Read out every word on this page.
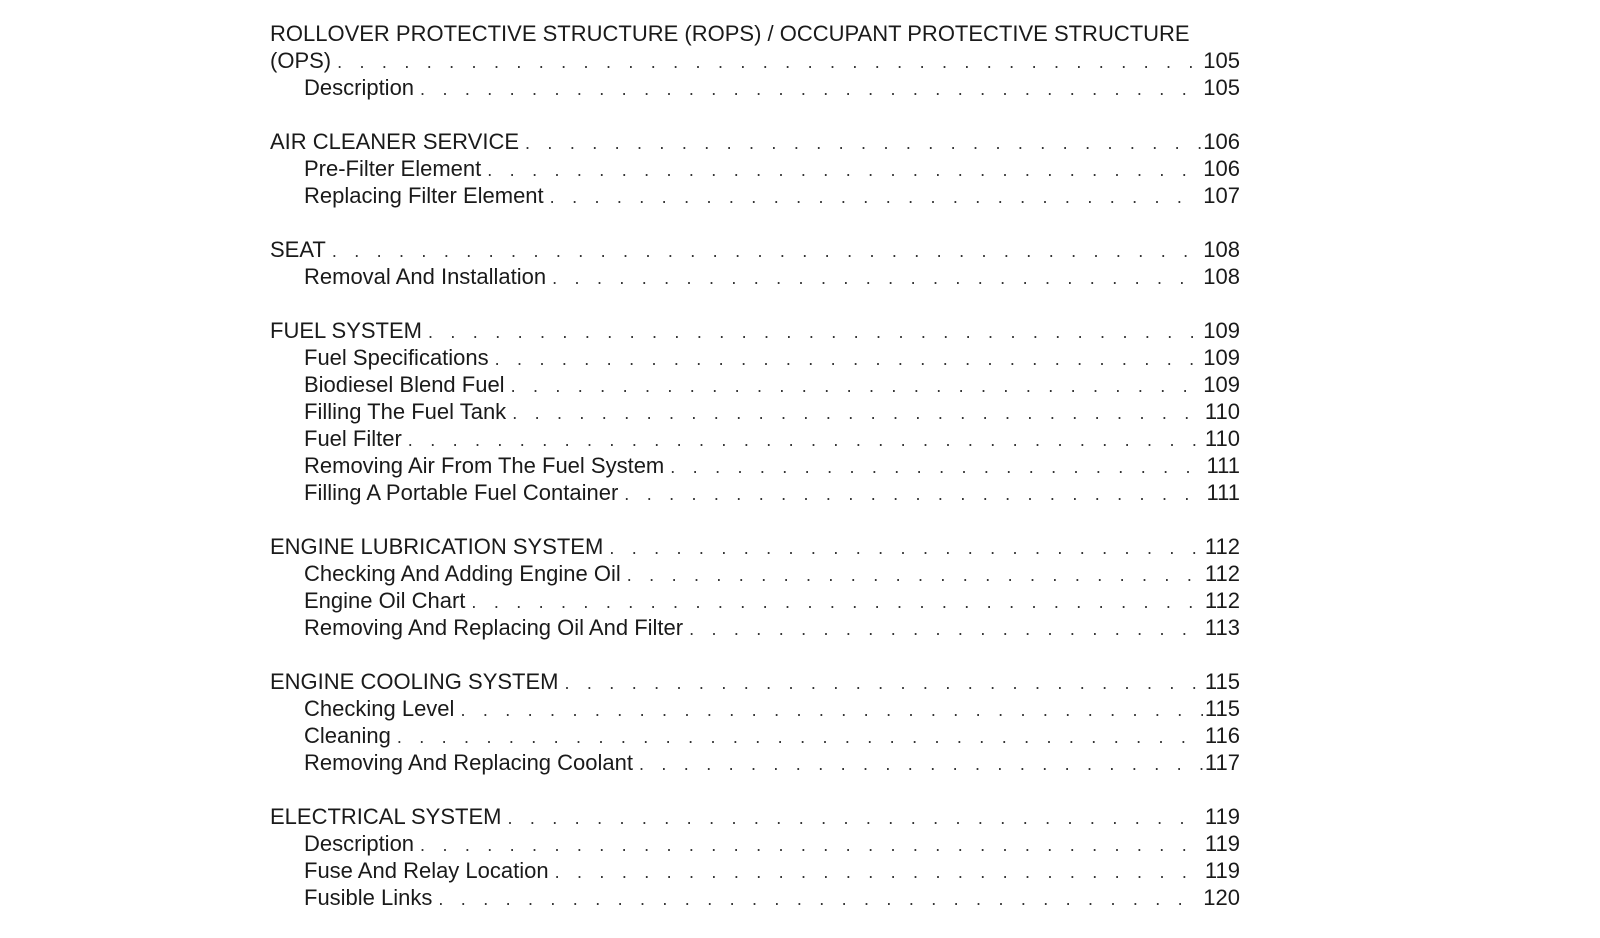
ROLLOVER PROTECTIVE STRUCTURE (ROPS) / OCCUPANT PROTECTIVE STRUCTURE
(OPS) . . .	105
Description . . .	105
AIR CLEANER SERVICE . . .	106
Pre-Filter Element . . .	106
Replacing Filter Element . . .	107
SEAT . . .	108
Removal And Installation . . .	108
FUEL SYSTEM . . .	109
Fuel Specifications . . .	109
Biodiesel Blend Fuel . . .	109
Filling The Fuel Tank . . .	110
Fuel Filter . . .	110
Removing Air From The Fuel System . . .	111
Filling A Portable Fuel Container . . .	111
ENGINE LUBRICATION SYSTEM . . .	112
Checking And Adding Engine Oil . . .	112
Engine Oil Chart . . .	112
Removing And Replacing Oil And Filter . . .	113
ENGINE COOLING SYSTEM . . .	115
Checking Level . . .	115
Cleaning . . .	116
Removing And Replacing Coolant . . .	117
ELECTRICAL SYSTEM . . .	119
Description . . .	119
Fuse And Relay Location . . .	119
Fusible Links . . .	120
